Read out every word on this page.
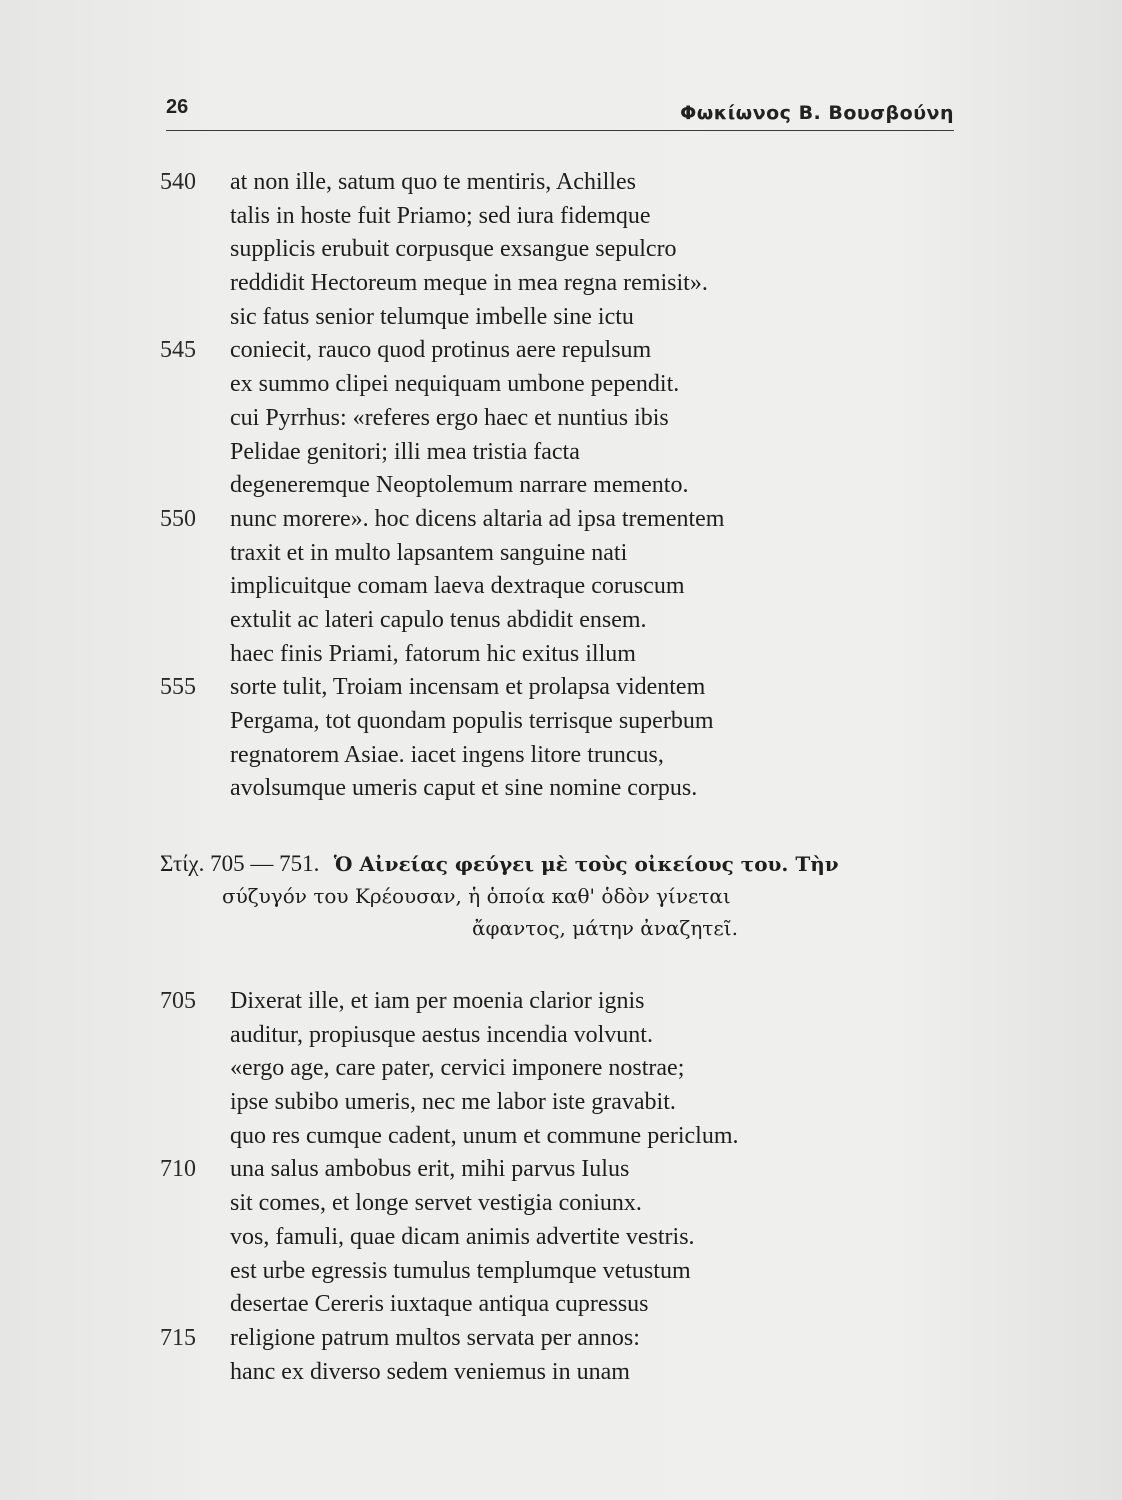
26	Φωκίωνος Β. Βουσβούνη
540	at non ille, satum quo te mentiris, Achilles
talis in hoste fuit Priamo; sed iura fidemque
supplicis erubuit corpusque exsangue sepulcro
reddidit Hectoreum meque in mea regna remisit».
sic fatus senior telumque imbelle sine ictu
545	coniecit, rauco quod protinus aere repulsum
ex summo clipei nequiquam umbone pependit.
cui Pyrrhus: «referes ergo haec et nuntius ibis
Pelidae genitori; illi mea tristia facta
degeneremque Neoptolemum narrare memento.
550	nunc morere». hoc dicens altaria ad ipsa trementem
traxit et in multo lapsantem sanguine nati
implicuitque comam laeva dextraque coruscum
extulit ac lateri capulo tenus abdidit ensem.
haec finis Priami, fatorum hic exitus illum
555	sorte tulit, Troiam incensam et prolapsa videntem
Pergama, tot quondam populis terrisque superbum
regnatorem Asiae. iacet ingens litore truncus,
avolsumque umeris caput et sine nomine corpus.
Στίχ. 705 — 751. Ὁ Αἰνείας φεύγει μὲ τοὺς οἰκείους του. Τὴν
σύζυγόν του Κρέουσαν, ἡ ὁποία καθ' ὁδὸν γίνεται
ἄφαντος, μάτην ἀναζητεῖ.
705	Dixerat ille, et iam per moenia clarior ignis
auditur, propiusque aestus incendia volvunt.
«ergo age, care pater, cervici imponere nostrae;
ipse subibo umeris, nec me labor iste gravabit.
quo res cumque cadent, unum et commune periclum.
710	una salus ambobus erit, mihi parvus Iulus
sit comes, et longe servet vestigia coniunx.
vos, famuli, quae dicam animis advertite vestris.
est urbe egressis tumulus templumque vetustum
desertae Cereris iuxtaque antiqua cupressus
715	religione patrum multos servata per annos:
hanc ex diverso sedem veniemus in unam
